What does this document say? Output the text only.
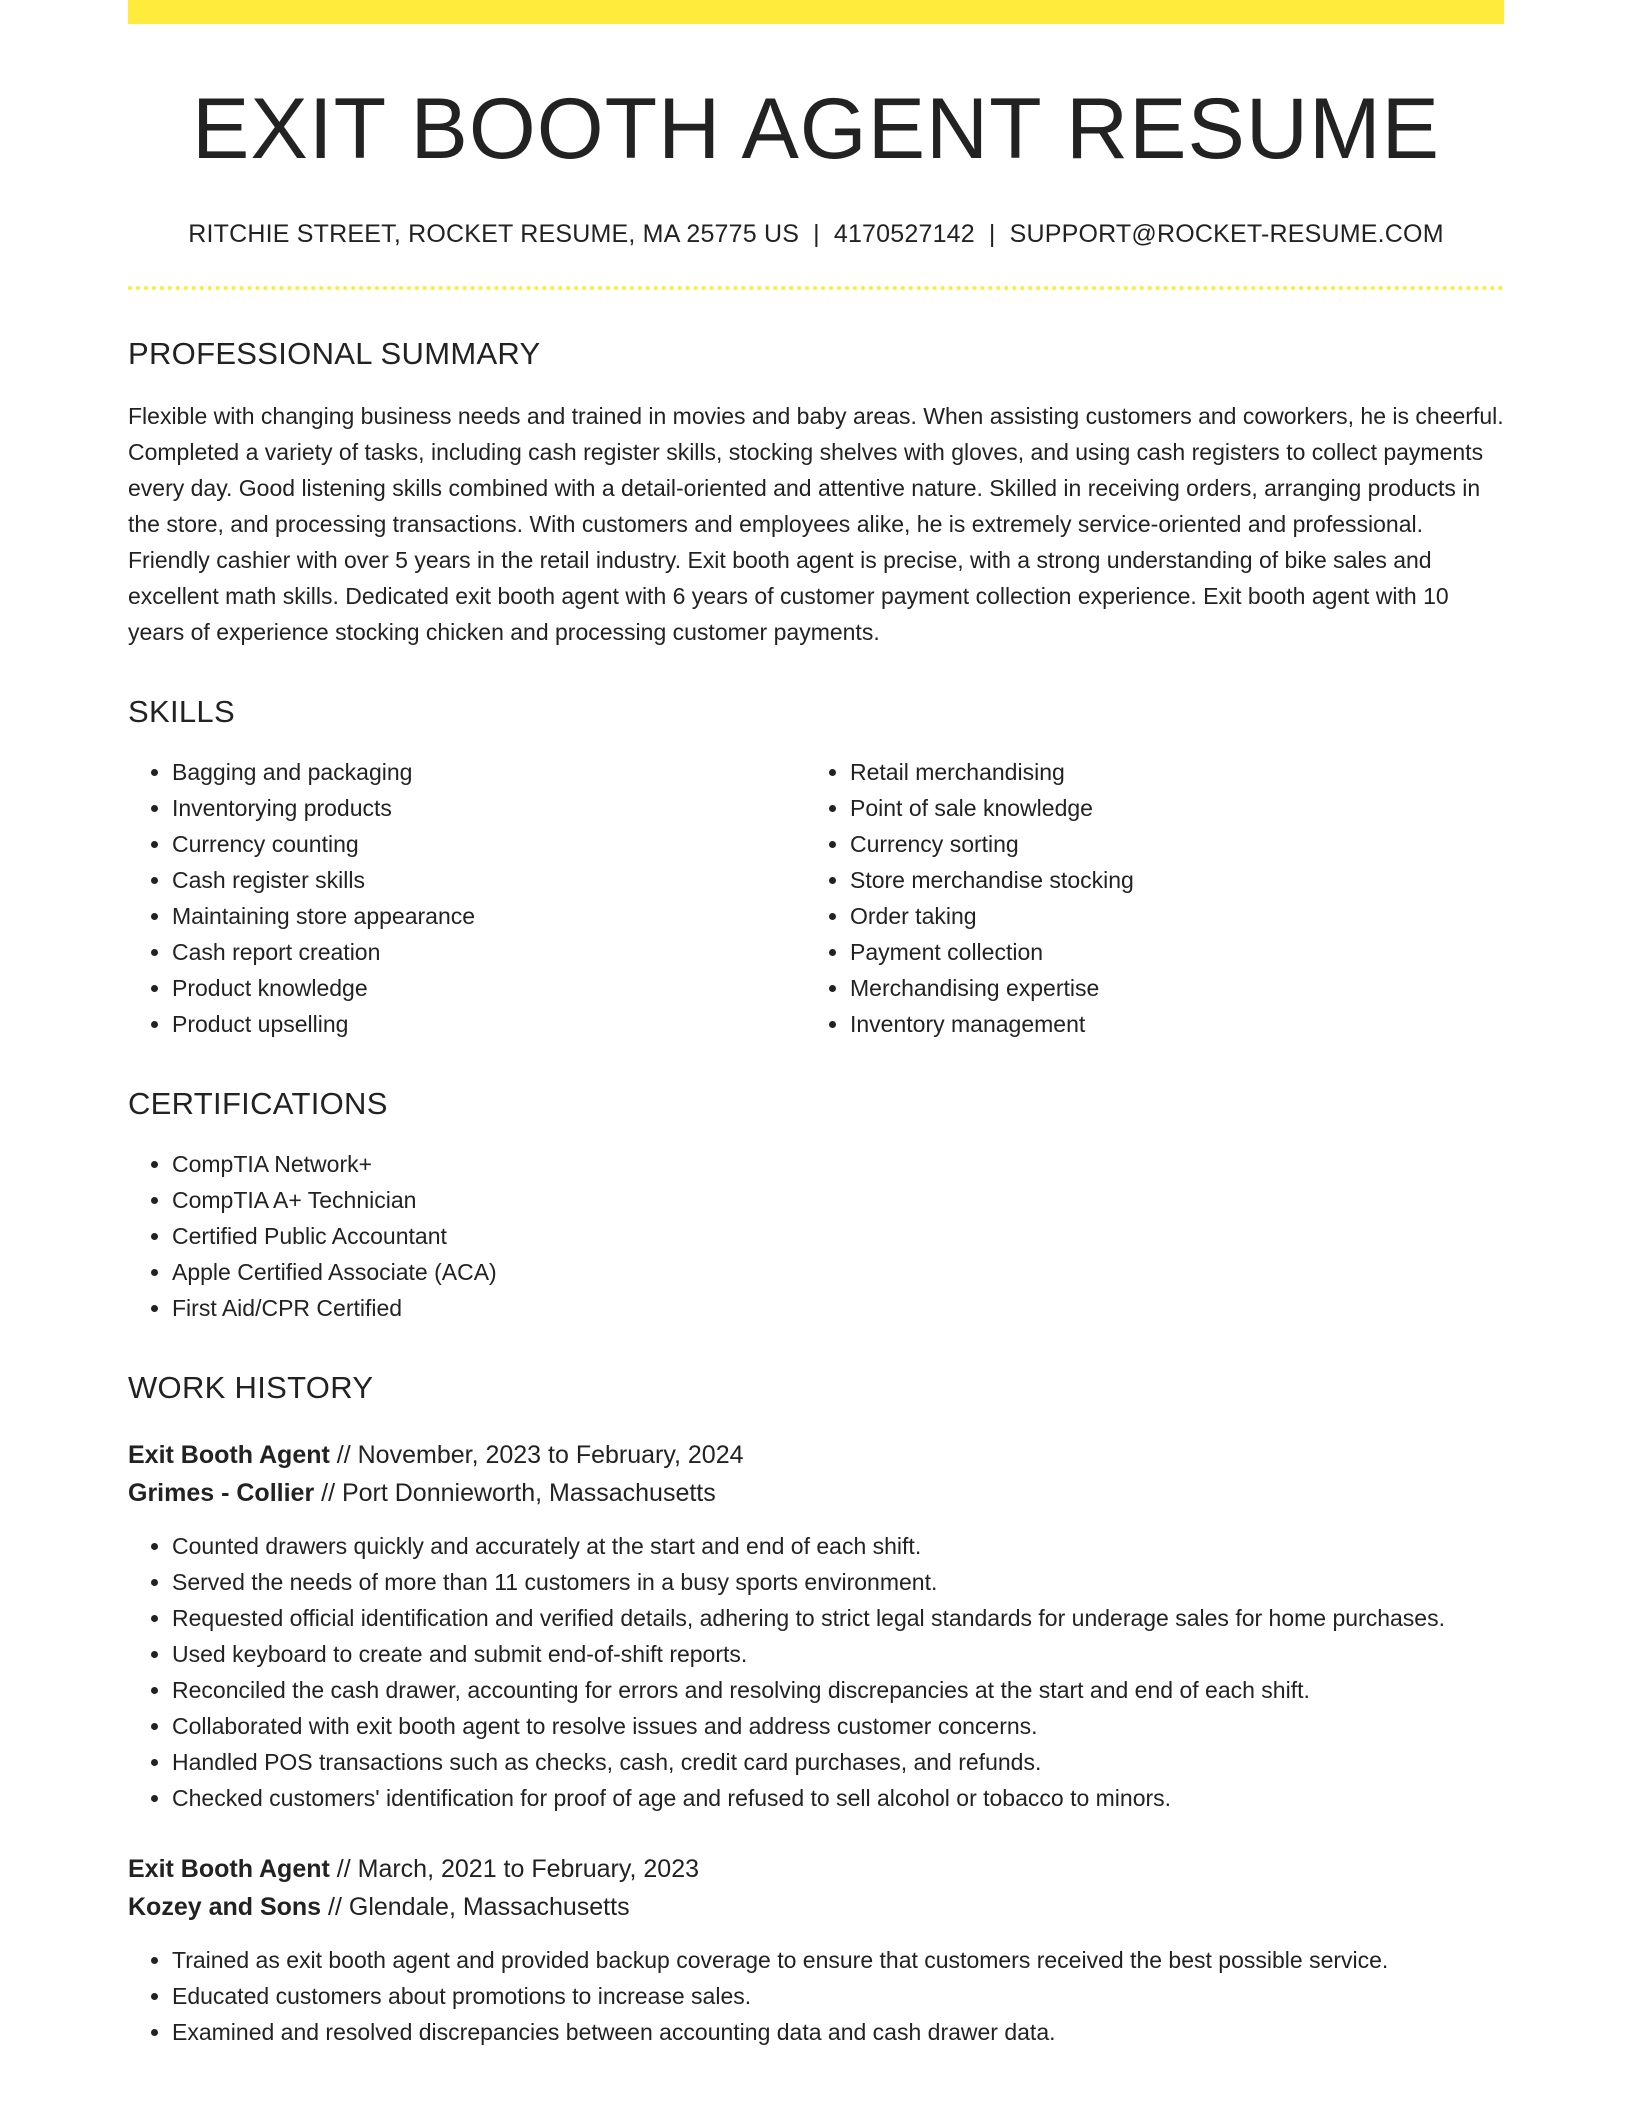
EXIT BOOTH AGENT RESUME
RITCHIE STREET, ROCKET RESUME, MA 25775 US | 4170527142 | SUPPORT@ROCKET-RESUME.COM
PROFESSIONAL SUMMARY

Flexible with changing business needs and trained in movies and baby areas. When assisting customers and coworkers, he is cheerful. Completed a variety of tasks, including cash register skills, stocking shelves with gloves, and using cash registers to collect payments every day. Good listening skills combined with a detail-oriented and attentive nature. Skilled in receiving orders, arranging products in the store, and processing transactions. With customers and employees alike, he is extremely service-oriented and professional. Friendly cashier with over 5 years in the retail industry. Exit booth agent is precise, with a strong understanding of bike sales and excellent math skills. Dedicated exit booth agent with 6 years of customer payment collection experience. Exit booth agent with 10 years of experience stocking chicken and processing customer payments.

SKILLS
• Bagging and packaging
• Inventorying products
• Currency counting
• Cash register skills
• Maintaining store appearance
• Cash report creation
• Product knowledge
• Product upselling
• Retail merchandising
• Point of sale knowledge
• Currency sorting
• Store merchandise stocking
• Order taking
• Payment collection
• Merchandising expertise
• Inventory management
CERTIFICATIONS
• CompTIA Network+
• CompTIA A+ Technician
• Certified Public Accountant
• Apple Certified Associate (ACA)
• First Aid/CPR Certified
WORK HISTORY
Exit Booth Agent // November, 2023 to February, 2024
Grimes - Collier // Port Donnieworth, Massachusetts
• Counted drawers quickly and accurately at the start and end of each shift.
• Served the needs of more than 11 customers in a busy sports environment.
• Requested official identification and verified details, adhering to strict legal standards for underage sales for home purchases.
• Used keyboard to create and submit end-of-shift reports.
• Reconciled the cash drawer, accounting for errors and resolving discrepancies at the start and end of each shift.
• Collaborated with exit booth agent to resolve issues and address customer concerns.
• Handled POS transactions such as checks, cash, credit card purchases, and refunds.
• Checked customers' identification for proof of age and refused to sell alcohol or tobacco to minors.
Exit Booth Agent // March, 2021 to February, 2023
Kozey and Sons // Glendale, Massachusetts
• Trained as exit booth agent and provided backup coverage to ensure that customers received the best possible service.
• Educated customers about promotions to increase sales.
• Examined and resolved discrepancies between accounting data and cash drawer data.
